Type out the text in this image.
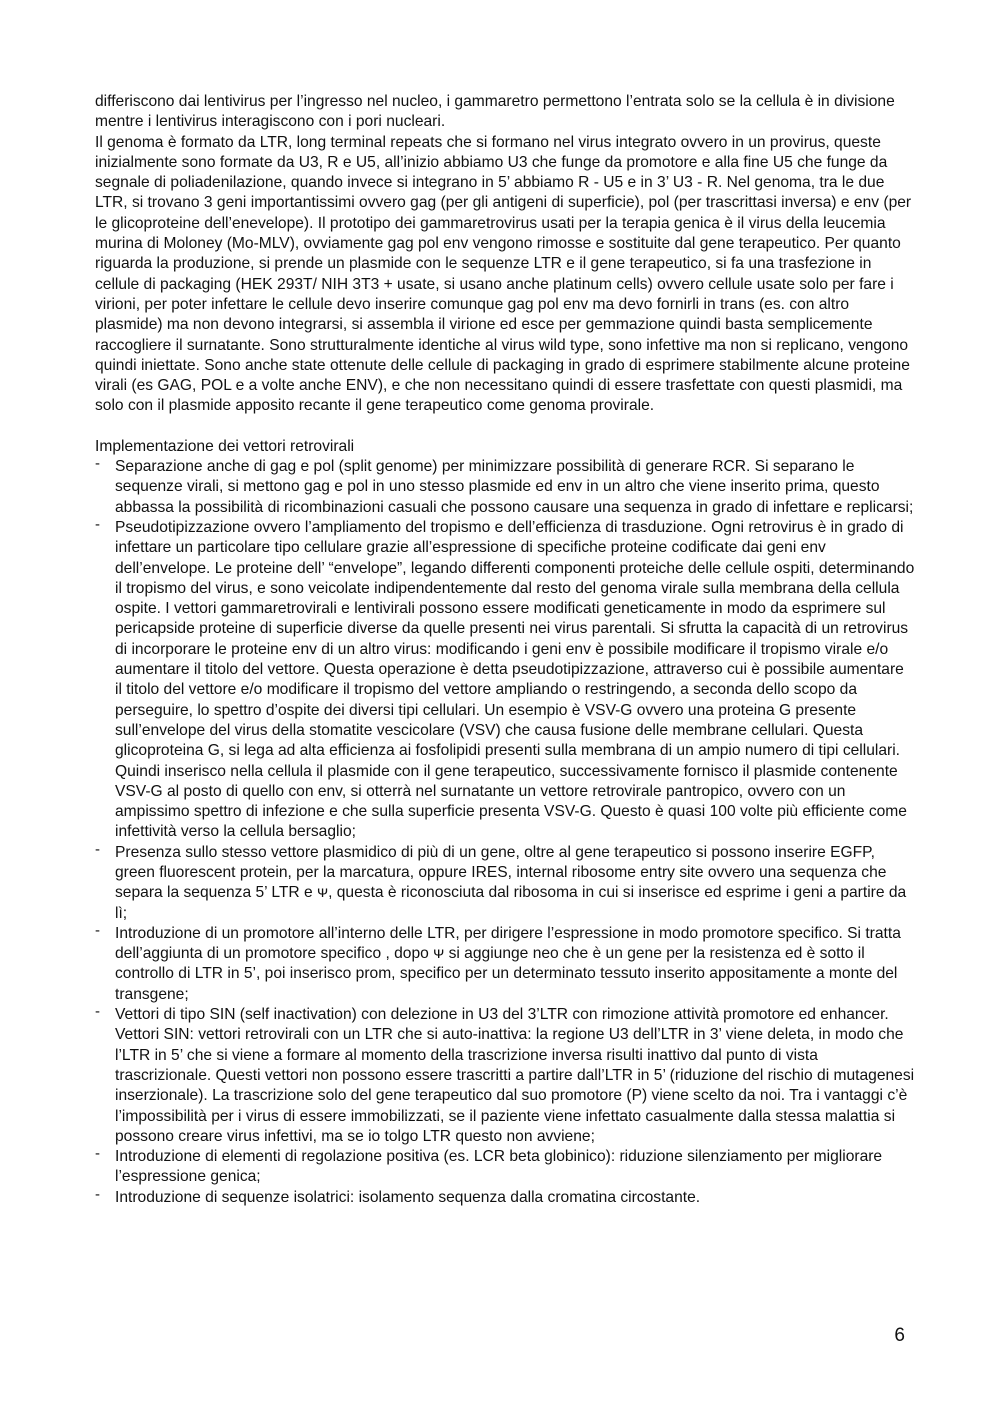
differiscono dai lentivirus per l’ingresso nel nucleo, i gammaretro permettono l’entrata solo se la cellula è in divisione mentre i lentivirus interagiscono con i pori nucleari.

Il genoma è formato da LTR, long terminal repeats che si formano nel virus integrato ovvero in un provirus, queste inizialmente sono formate da U3, R e U5, all’inizio abbiamo U3 che funge da promotore e alla fine U5 che funge da segnale di poliadenilazione, quando invece si integrano in 5’ abbiamo R - U5 e in 3’ U3 - R. Nel genoma, tra le due LTR, si trovano 3 geni importantissimi ovvero gag (per gli antigeni di superficie), pol (per trascrittasi inversa) e env (per le glicoproteine dell’enevelope). Il prototipo dei gammaretrovirus usati per la terapia genica è il virus della leucemia murina di Moloney (Mo-MLV), ovviamente gag pol env vengono rimosse e sostituite dal gene terapeutico. Per quanto riguarda la produzione, si prende un plasmide con le sequenze LTR e il gene terapeutico, si fa una trasfezione in cellule di packaging (HEK 293T/ NIH 3T3 + usate, si usano anche platinum cells) ovvero cellule usate solo per fare i virioni, per poter infettare le cellule devo inserire comunque gag pol env ma devo fornirli in trans (es. con altro plasmide) ma non devono integrarsi, si assembla il virione ed esce per gemmazione quindi basta semplicemente raccogliere il surnatante. Sono strutturalmente identiche al virus wild type, sono infettive ma non si replicano, vengono quindi iniettate. Sono anche state ottenute delle cellule di packaging in grado di esprimere stabilmente alcune proteine virali (es GAG, POL e a volte anche ENV), e che non necessitano quindi di essere trasfettate con questi plasmidi, ma solo con il plasmide apposito recante il gene terapeutico come genoma provirale.

Implementazione dei vettori retrovirali

- Separazione anche di gag e pol (split genome) per minimizzare possibilità di generare RCR. Si separano le sequenze virali, si mettono gag e pol in uno stesso plasmide ed env in un altro che viene inserito prima, questo abbassa la possibilità di ricombinazioni casuali che possono causare una sequenza in grado di infettare e replicarsi;
- Pseudotipizzazione ovvero l’ampliamento del tropismo e dell’efficienza di trasduzione. Ogni retrovirus è in grado di infettare un particolare tipo cellulare grazie all’espressione di specifiche proteine codificate dai geni env dell’envelope. Le proteine dell’ “envelope”, legando differenti componenti proteiche delle cellule ospiti, determinando il tropismo del virus, e sono veicolate indipendentemente dal resto del genoma virale sulla membrana della cellula ospite. I vettori gammaretrovirali e lentivirali possono essere modificati geneticamente in modo da esprimere sul pericapside proteine di superficie diverse da quelle presenti nei virus parentali. Si sfrutta la capacità di un retrovirus di incorporare le proteine env di un altro virus: modificando i geni env è possibile modificare il tropismo virale e/o aumentare il titolo del vettore. Questa operazione è detta pseudotipizzazione, attraverso cui è possibile aumentare il titolo del vettore e/o modificare il tropismo del vettore ampliando o restringendo, a seconda dello scopo da perseguire, lo spettro d’ospite dei diversi tipi cellulari. Un esempio è VSV-G ovvero una proteina G presente sull’envelope del virus della stomatite vescicolare (VSV) che causa fusione delle membrane cellulari. Questa glicoproteina G, si lega ad alta efficienza ai fosfolipidi presenti sulla membrana di un ampio numero di tipi cellulari. Quindi inserisco nella cellula il plasmide con il gene terapeutico, successivamente fornisco il plasmide contenente VSV-G al posto di quello con env, si otterrà nel surnatante un vettore retrovirale pantropico, ovvero con un ampissimo spettro di infezione e che sulla superficie presenta VSV-G. Questo è quasi 100 volte più efficiente come infettività verso la cellula bersaglio;
- Presenza sullo stesso vettore plasmidico di più di un gene, oltre al gene terapeutico si possono inserire EGFP, green fluorescent protein, per la marcatura, oppure IRES, internal ribosome entry site ovvero una sequenza che separa la sequenza 5’ LTR e ᴪ, questa è riconosciuta dal ribosoma in cui si inserisce ed esprime i geni a partire da lì;
- Introduzione di un promotore all’interno delle LTR, per dirigere l’espressione in modo promotore specifico. Si tratta dell’aggiunta di un promotore specifico , dopo ᴪ si aggiunge neo che è un gene per la resistenza ed è sotto il controllo di LTR in 5’, poi inserisco prom, specifico per un determinato tessuto inserito appositamente a monte del transgene;
- Vettori di tipo SIN (self inactivation) con delezione in U3 del 3’LTR con rimozione attività promotore ed enhancer. Vettori SIN: vettori retrovirali con un LTR che si auto-inattiva: la regione U3 dell’LTR in 3’ viene deleta, in modo che l’LTR in 5’ che si viene a formare al momento della trascrizione inversa risulti inattivo dal punto di vista trascrizionale. Questi vettori non possono essere trascritti a partire dall’LTR in 5’ (riduzione del rischio di mutagenesi inserzionale). La trascrizione solo del gene terapeutico dal suo promotore (P) viene scelto da noi. Tra i vantaggi c’è l’impossibilità per i virus di essere immobilizzati, se il paziente viene infettato casualmente dalla stessa malattia si possono creare virus infettivi, ma se io tolgo LTR questo non avviene;
- Introduzione di elementi di regolazione positiva (es. LCR beta globinico): riduzione silenziamento per migliorare l’espressione genica;
- Introduzione di sequenze isolatrici: isolamento sequenza dalla cromatina circostante.
6
